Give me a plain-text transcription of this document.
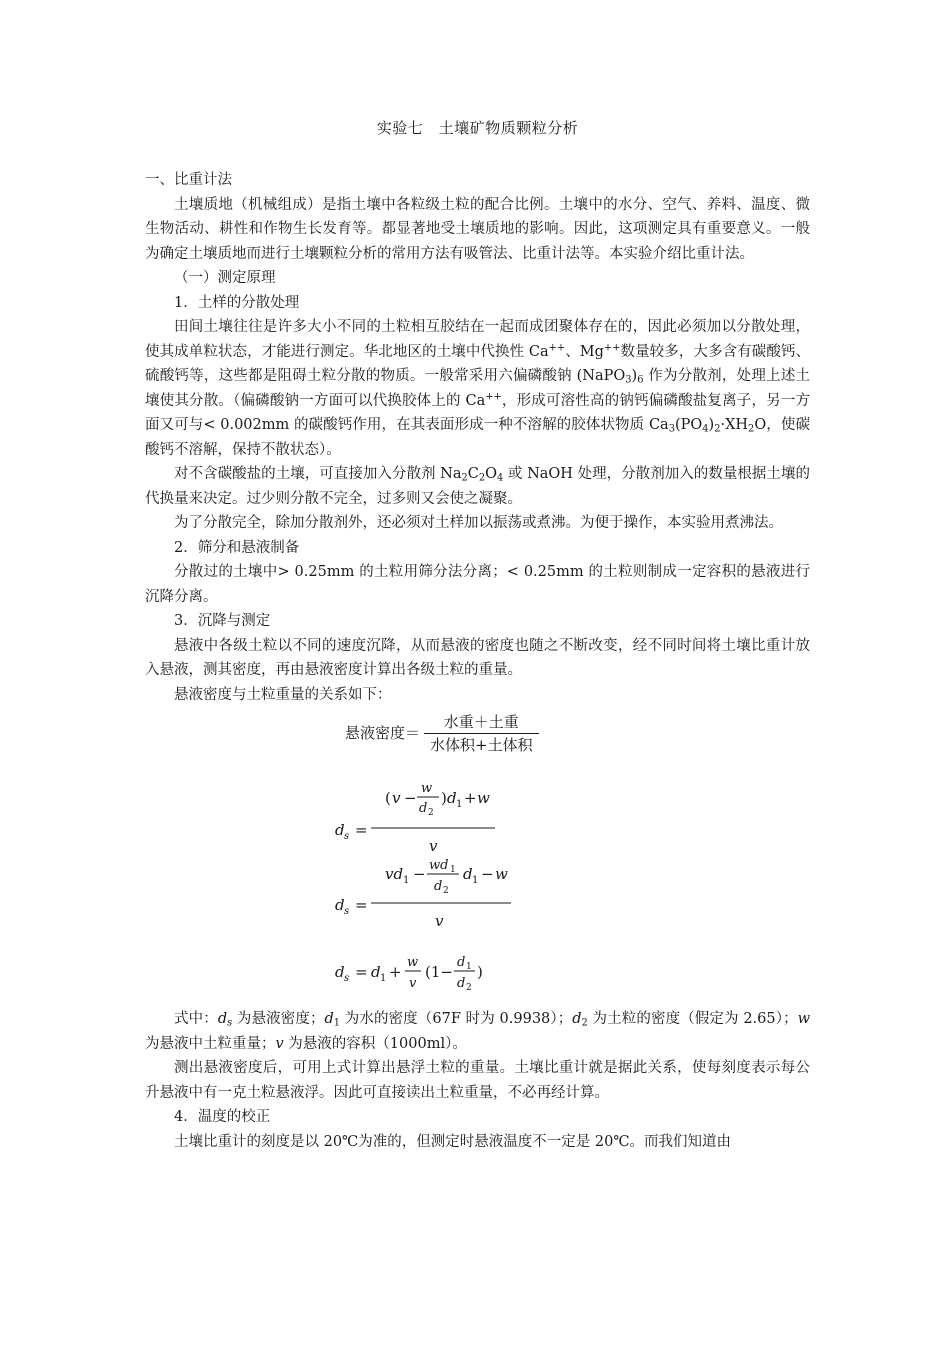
实验七　土壤矿物质颗粒分析

一、比重计法

土壤质地（机械组成）是指土壤中各粒级土粒的配合比例。土壤中的水分、空气、养料、温度、微生物活动、耕性和作物生长发育等。都显著地受土壤质地的影响。因此，这项测定具有重要意义。一般为确定土壤质地而进行土壤颗粒分析的常用方法有吸管法、比重计法等。本实验介绍比重计法。

（一）测定原理

1．土样的分散处理

田间土壤往往是许多大小不同的土粒相互胶结在一起而成团聚体存在的，因此必须加以分散处理，使其成单粒状态，才能进行测定。华北地区的土壤中代换性 Ca++、Mg++数量较多，大多含有碳酸钙、硫酸钙等，这些都是阻碍土粒分散的物质。一般常采用六偏磷酸钠 $(NaPO_3)_6$ 作为分散剂，处理上述土壤使其分散。（偏磷酸钠一方面可以代换胶体上的 Ca++，形成可溶性高的钠钙偏磷酸盐复离子，另一方面又可与< 0.002mm 的碳酸钙作用，在其表面形成一种不溶解的胶体状物质 $Ca_3(PO_4)_2\cdot XH_2O$，使碳酸钙不溶解，保持不散状态）。

对不含碳酸盐的土壤，可直接加入分散剂 $Na_2C_2O_4$ 或 NaOH 处理，分散剂加入的数量根据土壤的代换量来决定。过少则分散不完全，过多则又会使之凝聚。

为了分散完全，除加分散剂外，还必须对土样加以振荡或煮沸。为便于操作，本实验用煮沸法。

2．筛分和悬液制备

分散过的土壤中> 0.25mm 的土粒用筛分法分离；< 0.25mm 的土粒则制成一定容积的悬液进行沉降分离。

3．沉降与测定

悬液中各级土粒以不同的速度沉降，从而悬液的密度也随之不断改变，经不同时间将土壤比重计放入悬液，测其密度，再由悬液密度计算出各级土粒的重量。

悬液密度与土粒重量的关系如下：

悬液密度＝ $\frac{\text{水重＋土重}}{\text{水体积+土体积}}$
d s =
( v −
w
d 2
) d 1 + w
v
d s =
vd 1 − wd 1
d 2
d 1 − w
v
d s = d 1 +
w
v
(1−
d 1
d 2
)

式中：$d_s$ 为悬液密度；$d_1$ 为水的密度（67F 时为 0.9938）；$d_2$ 为土粒的密度（假定为 2.65）；w 为悬液中土粒重量；v 为悬液的容积（1000ml）。

测出悬液密度后，可用上式计算出悬浮土粒的重量。土壤比重计就是据此关系，使每刻度表示每公升悬液中有一克土粒悬液浮。因此可直接读出土粒重量，不必再经计算。

4．温度的校正

土壤比重计的刻度是以 20℃为准的，但测定时悬液温度不一定是 20℃。而我们知道由
